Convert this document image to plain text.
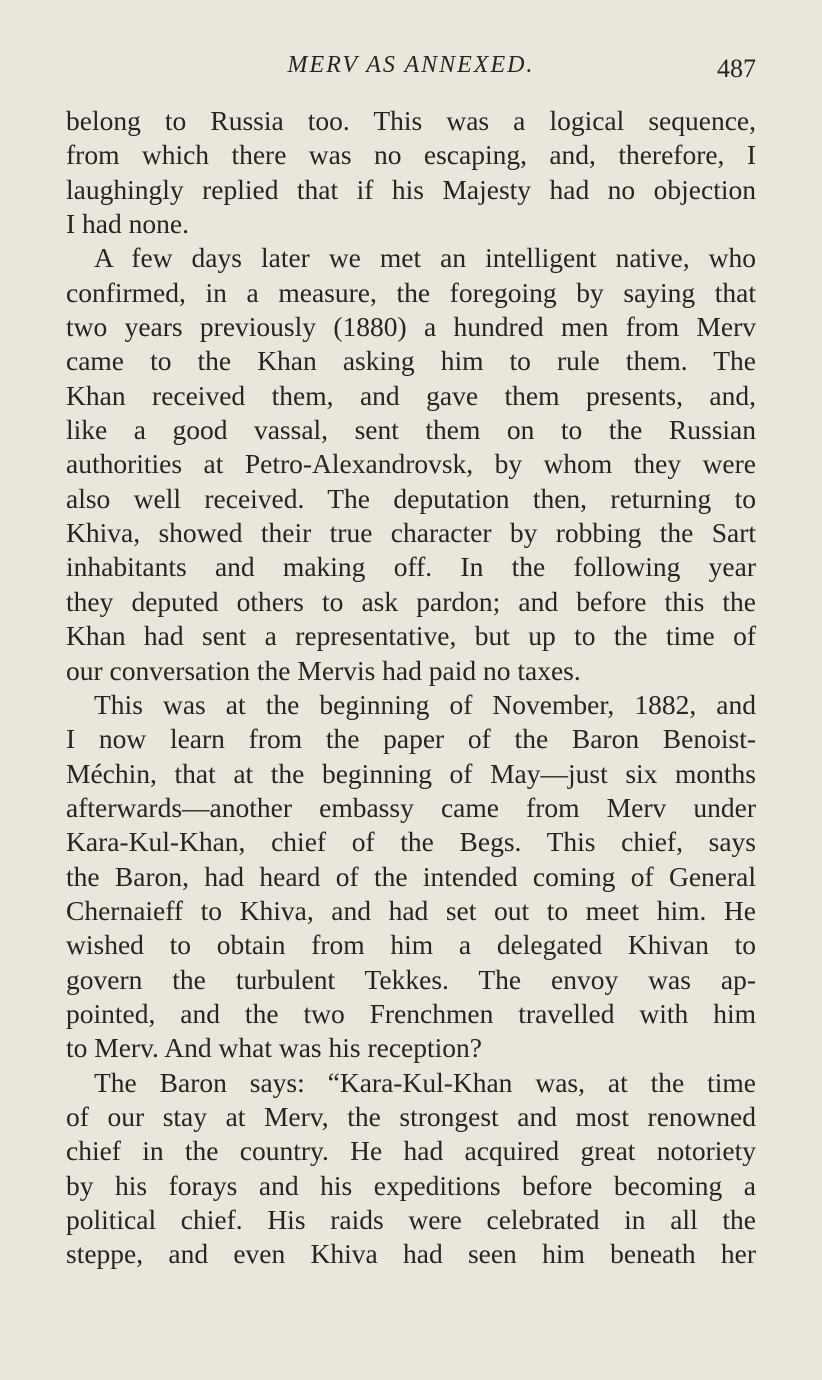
MERV AS ANNEXED.	487
belong to Russia too. This was a logical sequence,
from which there was no escaping, and, therefore, I
laughingly replied that if his Majesty had no objection
I had none.
A few days later we met an intelligent native, who
confirmed, in a measure, the foregoing by saying that
two years previously (1880) a hundred men from Merv
came to the Khan asking him to rule them. The
Khan received them, and gave them presents, and,
like a good vassal, sent them on to the Russian
authorities at Petro-Alexandrovsk, by whom they were
also well received. The deputation then, returning to
Khiva, showed their true character by robbing the Sart
inhabitants and making off. In the following year
they deputed others to ask pardon; and before this the
Khan had sent a representative, but up to the time of
our conversation the Mervis had paid no taxes.
This was at the beginning of November, 1882, and
I now learn from the paper of the Baron Benoist-
Méchin, that at the beginning of May—just six months
afterwards—another embassy came from Merv under
Kara-Kul-Khan, chief of the Begs. This chief, says
the Baron, had heard of the intended coming of General
Chernaieff to Khiva, and had set out to meet him. He
wished to obtain from him a delegated Khivan to
govern the turbulent Tekkes. The envoy was ap-
pointed, and the two Frenchmen travelled with him
to Merv. And what was his reception?
The Baron says: “Kara-Kul-Khan was, at the time
of our stay at Merv, the strongest and most renowned
chief in the country. He had acquired great notoriety
by his forays and his expeditions before becoming a
political chief. His raids were celebrated in all the
steppe, and even Khiva had seen him beneath her
